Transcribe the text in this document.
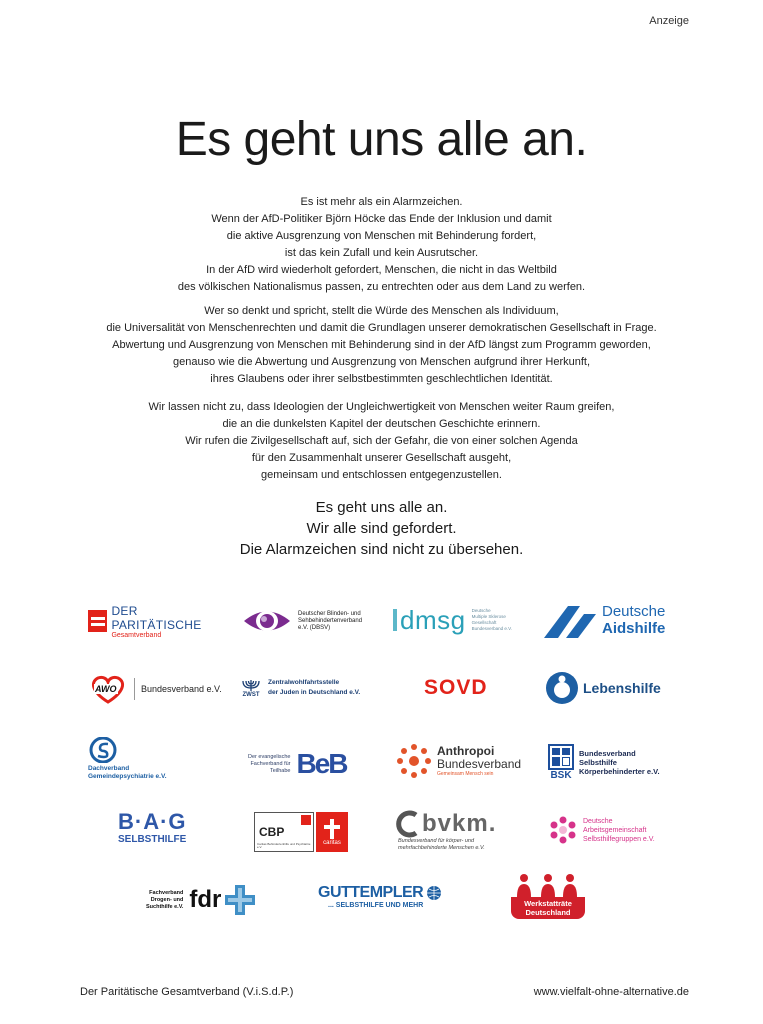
Anzeige
Es geht uns alle an.
Es ist mehr als ein Alarmzeichen.
Wenn der AfD-Politiker Björn Höcke das Ende der Inklusion und damit
die aktive Ausgrenzung von Menschen mit Behinderung fordert,
ist das kein Zufall und kein Ausrutscher.
In der AfD wird wiederholt gefordert, Menschen, die nicht in das Weltbild
des völkischen Nationalismus passen, zu entrechten oder aus dem Land zu werfen.
Wer so denkt und spricht, stellt die Würde des Menschen als Individuum,
die Universalität von Menschenrechten und damit die Grundlagen unserer demokratischen Gesellschaft in Frage.
Abwertung und Ausgrenzung von Menschen mit Behinderung sind in der AfD längst zum Programm geworden,
genauso wie die Abwertung und Ausgrenzung von Menschen aufgrund ihrer Herkunft,
ihres Glaubens oder ihrer selbstbestimmten geschlechtlichen Identität.
Wir lassen nicht zu, dass Ideologien der Ungleichwertigkeit von Menschen weiter Raum greifen,
die an die dunkelsten Kapitel der deutschen Geschichte erinnern.
Wir rufen die Zivilgesellschaft auf, sich der Gefahr, die von einer solchen Agenda
für den Zusammenhalt unserer Gesellschaft ausgeht,
gemeinsam und entschlossen entgegenzustellen.
Es geht uns alle an.
Wir alle sind gefordert.
Die Alarmzeichen sind nicht zu übersehen.
DER PARITÄTISCHE
Gesamtverband
Deutscher Blinden- und
Sehbehindertenverband
e.V. (DBSV)	dmsg Deutsche
Multiple Sklerose
Gesellschaft
Bundesverband e.V.
Deutsche
Aidshilfe
AWO	Bundesverband e.V.
ZWST
Zentralwohlfahrtsstelle
der Juden in Deutschland e.V.	SOVD	Lebenshilfe
Dachverband
Gemeindepsychiatrie e.V.
Der evangelische
Fachverband für
Teilhabe BeB	Anthropoi
Bundesverband
Gemeinsam Mensch sein	BSK
Bundesverband
Selbsthilfe
Körperbehinderter e.V.
B·A·G
SELBSTHILFE
CBP
Caritas Behindertenhilfe und Psychiatrie e.V.
caritas
bvkm.
Bundesverband für körper- und
mehrfachbehinderte Menschen e.V.
Deutsche
Arbeitsgemeinschaft
Selbsthilfegruppen e.V.
Fachverband
Drogen- und
Suchthilfe e.V. fdr	GUTTEMPLER
... SELBSTHILFE UND MEHR	Werkstatträte
Deutschland
Der Paritätische Gesamtverband (V.i.S.d.P.)	www.vielfalt-ohne-alternative.de
